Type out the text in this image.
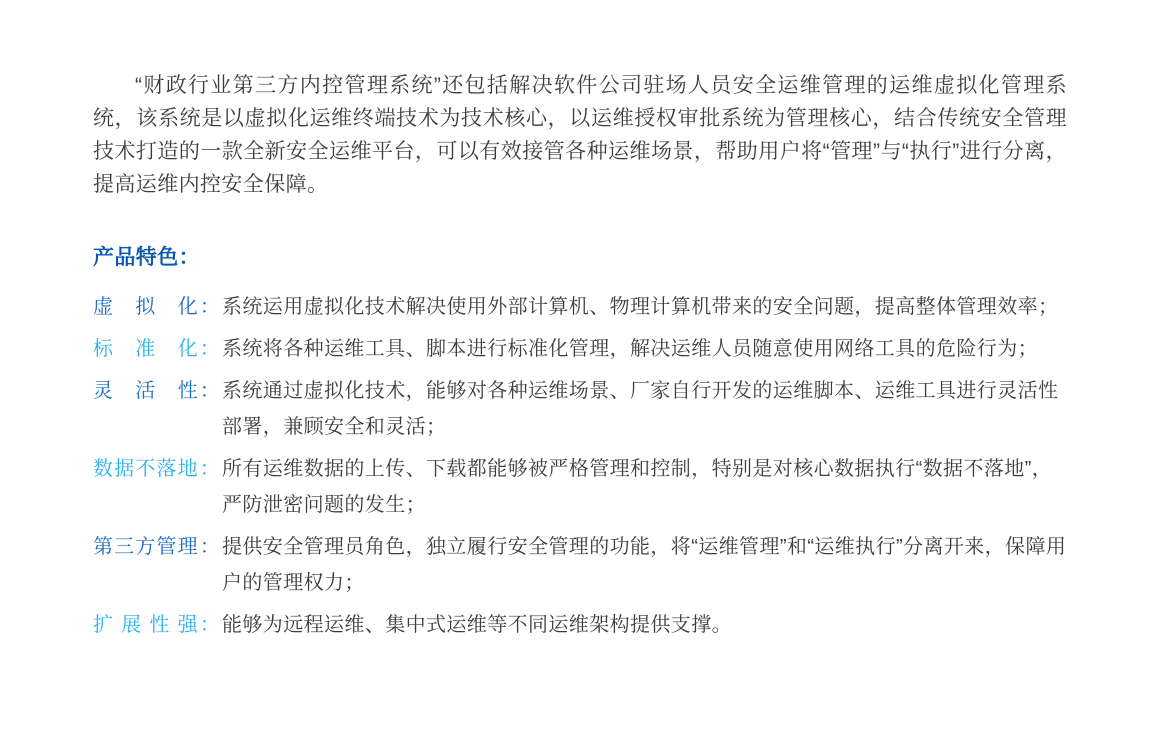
“财政行业第三方内控管理系统”还包括解决软件公司驻场人员安全运维管理的运维虚拟化管理系统，该系统是以虚拟化运维终端技术为技术核心，以运维授权审批系统为管理核心，结合传统安全管理技术打造的一款全新安全运维平台，可以有效接管各种运维场景，帮助用户将“管理”与“执行”进行分离，提高运维内控安全保障。

产品特色：
虚拟化 ： 系统运用虚拟化技术解决使用外部计算机、物理计算机带来的安全问题，提高整体管理效率；
标准化 ： 系统将各种运维工具、脚本进行标准化管理，解决运维人员随意使用网络工具的危险行为；
灵活性 ： 系统通过虚拟化技术，能够对各种运维场景、厂家自行开发的运维脚本、运维工具进行灵活性部署，兼顾安全和灵活；
数据不落地 ： 所有运维数据的上传、下载都能够被严格管理和控制，特别是对核心数据执行“数据不落地”，严防泄密问题的发生；
第三方管理 ： 提供安全管理员角色，独立履行安全管理的功能，将“运维管理”和“运维执行”分离开来，保障用户的管理权力；
扩展性强 ： 能够为远程运维、集中式运维等不同运维架构提供支撑。
